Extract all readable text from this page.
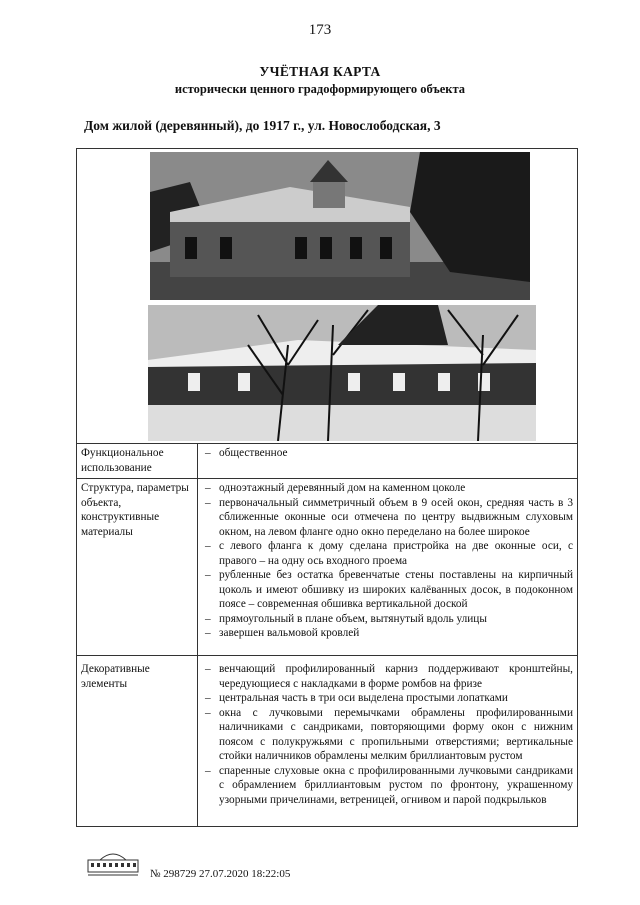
173
УЧЁТНАЯ КАРТА
исторически ценного градоформирующего объекта
Дом жилой (деревянный), до 1917 г., ул. Новослободская, 3
Функциональное использование
– общественное
Структура, параметры объекта, конструктивные материалы
– одноэтажный деревянный дом на каменном цоколе
– первоначальный симметричный объем в 9 осей окон, средняя часть в 3 сближенные оконные оси отмечена по центру выдвижным слуховым окном, на левом фланге одно окно переделано на более широкое
– с левого фланга к дому сделана пристройка на две оконные оси, с правого – на одну ось входного проема
– рубленные без остатка бревенчатые стены поставлены на кирпичный цоколь и имеют обшивку из широких калёванных досок, в подоконном поясе – современная обшивка вертикальной доской
– прямоугольный в плане объем, вытянутый вдоль улицы
– завершен вальмовой кровлей
Декоративные элементы
– венчающий профилированный карниз поддерживают кронштейны, чередующиеся с накладками в форме ромбов на фризе
– центральная часть в три оси выделена простыми лопатками
– окна с лучковыми перемычками обрамлены профилированными наличниками с сандриками, повторяющими форму окон с нижним поясом с полукружьями с пропильными отверстиями; вертикальные стойки наличников обрамлены мелким бриллиантовым рустом
– спаренные слуховые окна с профилированными лучковыми сандриками с обрамлением бриллиантовым рустом по фронтону, украшенному узорными причелинами, ветреницей, огнивом и парой подкрыльков
№ 298729 27.07.2020 18:22:05
